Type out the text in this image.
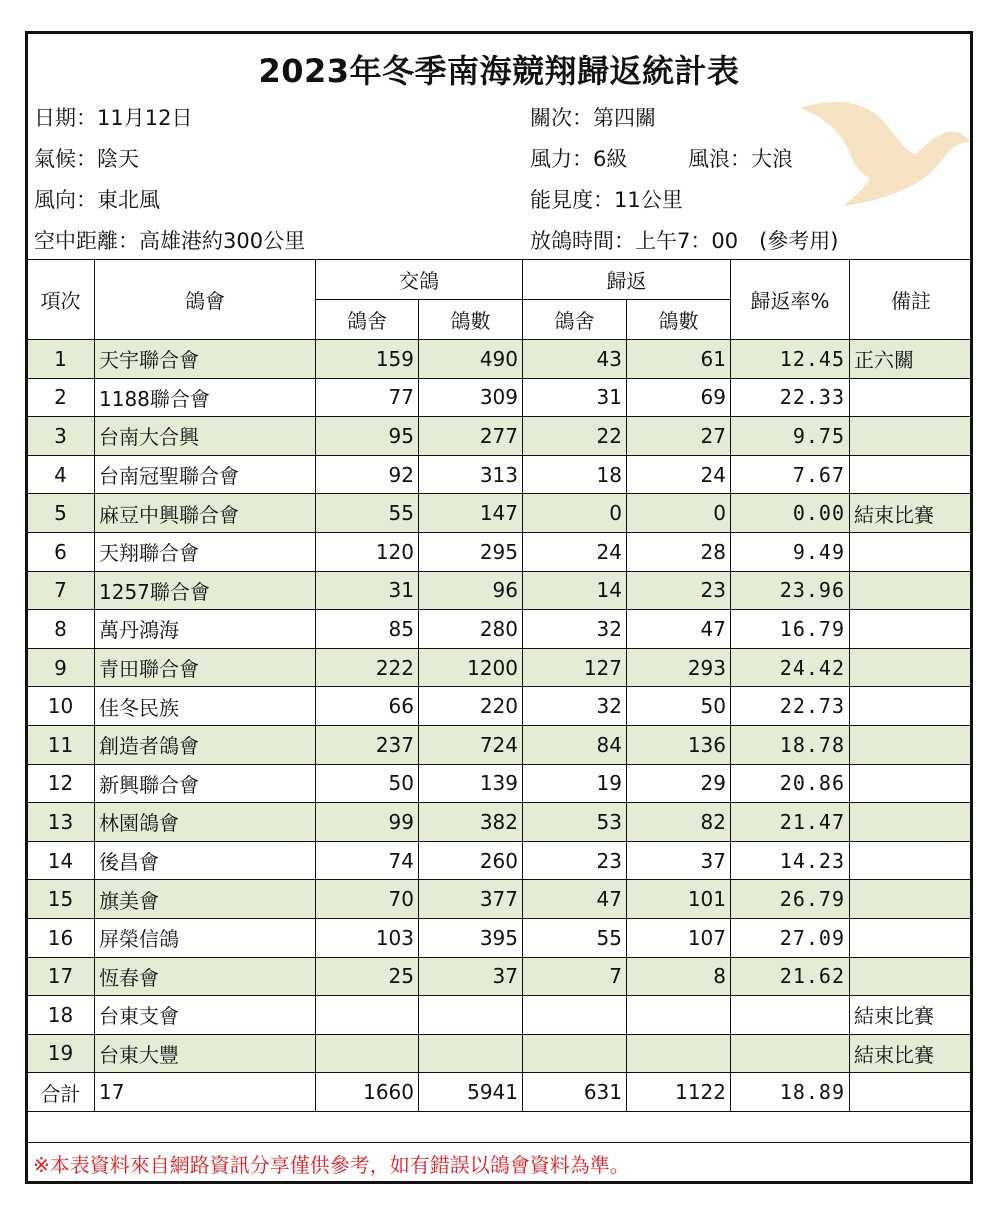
2023年冬季南海競翔歸返統計表
日期：11月12日
氣候：陰天
風向：東北風
空中距離：高雄港約300公里
關次：第四關
風力：6級	風浪：大浪
能見度：11公里
放鴿時間：上午7：00　(參考用)
項次	鴿會	交鴿		歸返		歸返率%	備註
		鴿舍	鴿數	鴿舍	鴿數		
1	天宇聯合會	159	490	43	61	12.45	正六關
2	1188聯合會	77	309	31	69	22.33	
3	台南大合興	95	277	22	27	9.75	
4	台南冠聖聯合會	92	313	18	24	7.67	
5	麻豆中興聯合會	55	147	0	0	0.00	結束比賽
6	天翔聯合會	120	295	24	28	9.49	
7	1257聯合會	31	96	14	23	23.96	
8	萬丹鴻海	85	280	32	47	16.79	
9	青田聯合會	222	1200	127	293	24.42	
10	佳冬民族	66	220	32	50	22.73	
11	創造者鴿會	237	724	84	136	18.78	
12	新興聯合會	50	139	19	29	20.86	
13	林園鴿會	99	382	53	82	21.47	
14	後昌會	74	260	23	37	14.23	
15	旗美會	70	377	47	101	26.79	
16	屏榮信鴿	103	395	55	107	27.09	
17	恆春會	25	37	7	8	21.62	
18	台東支會						結束比賽
19	台東大豐						結束比賽
合計	17	1660	5941	631	1122	18.89	
※本表資料來自網路資訊分享僅供參考，如有錯誤以鴿會資料為準。
